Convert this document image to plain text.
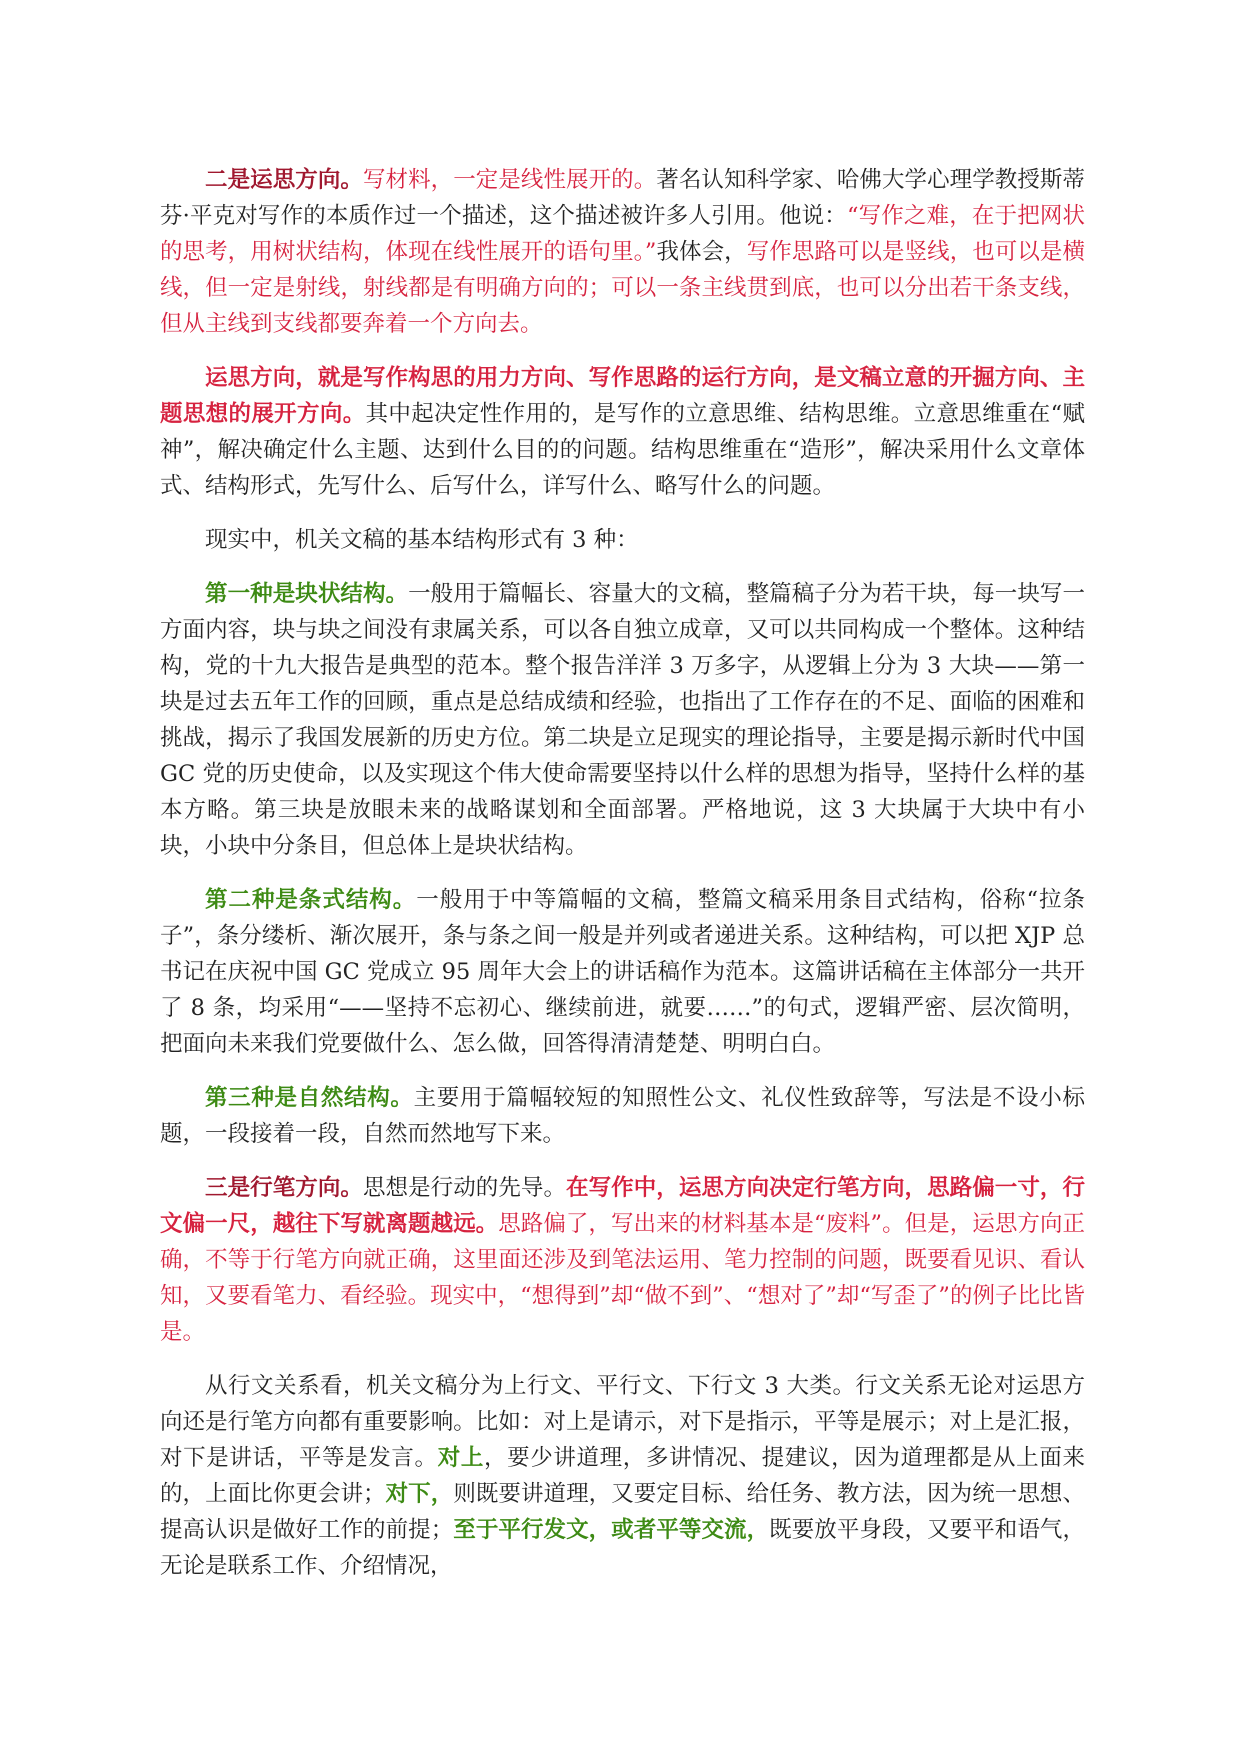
二是运思方向。写材料，一定是线性展开的。著名认知科学家、哈佛大学心理学教授斯蒂芬·平克对写作的本质作过一个描述，这个描述被许多人引用。他说：“写作之难，在于把网状的思考，用树状结构，体现在线性展开的语句里。”我体会，写作思路可以是竖线，也可以是横线，但一定是射线，射线都是有明确方向的；可以一条主线贯到底，也可以分出若干条支线，但从主线到支线都要奔着一个方向去。

运思方向，就是写作构思的用力方向、写作思路的运行方向，是文稿立意的开掘方向、主题思想的展开方向。其中起决定性作用的，是写作的立意思维、结构思维。立意思维重在“赋神”，解决确定什么主题、达到什么目的的问题。结构思维重在“造形”，解决采用什么文章体式、结构形式，先写什么、后写什么，详写什么、略写什么的问题。

现实中，机关文稿的基本结构形式有 3 种：

第一种是块状结构。一般用于篇幅长、容量大的文稿，整篇稿子分为若干块，每一块写一方面内容，块与块之间没有隶属关系，可以各自独立成章，又可以共同构成一个整体。这种结构，党的十九大报告是典型的范本。整个报告洋洋 3 万多字，从逻辑上分为 3 大块——第一块是过去五年工作的回顾，重点是总结成绩和经验，也指出了工作存在的不足、面临的困难和挑战，揭示了我国发展新的历史方位。第二块是立足现实的理论指导，主要是揭示新时代中国 GC 党的历史使命，以及实现这个伟大使命需要坚持以什么样的思想为指导，坚持什么样的基本方略。第三块是放眼未来的战略谋划和全面部署。严格地说，这 3 大块属于大块中有小块，小块中分条目，但总体上是块状结构。

第二种是条式结构。一般用于中等篇幅的文稿，整篇文稿采用条目式结构，俗称“拉条子”，条分缕析、渐次展开，条与条之间一般是并列或者递进关系。这种结构，可以把 XJP 总书记在庆祝中国 GC 党成立 95 周年大会上的讲话稿作为范本。这篇讲话稿在主体部分一共开了 8 条，均采用“——坚持不忘初心、继续前进，就要……”的句式，逻辑严密、层次简明，把面向未来我们党要做什么、怎么做，回答得清清楚楚、明明白白。

第三种是自然结构。主要用于篇幅较短的知照性公文、礼仪性致辞等，写法是不设小标题，一段接着一段，自然而然地写下来。

三是行笔方向。思想是行动的先导。在写作中，运思方向决定行笔方向，思路偏一寸，行文偏一尺，越往下写就离题越远。思路偏了，写出来的材料基本是“废料”。但是，运思方向正确，不等于行笔方向就正确，这里面还涉及到笔法运用、笔力控制的问题，既要看见识、看认知，又要看笔力、看经验。现实中，“想得到”却“做不到”、“想对了”却“写歪了”的例子比比皆是。

从行文关系看，机关文稿分为上行文、平行文、下行文 3 大类。行文关系无论对运思方向还是行笔方向都有重要影响。比如：对上是请示，对下是指示，平等是展示；对上是汇报，对下是讲话，平等是发言。对上，要少讲道理，多讲情况、提建议，因为道理都是从上面来的，上面比你更会讲；对下，则既要讲道理，又要定目标、给任务、教方法，因为统一思想、提高认识是做好工作的前提；至于平行发文，或者平等交流，既要放平身段，又要平和语气，无论是联系工作、介绍情况，
